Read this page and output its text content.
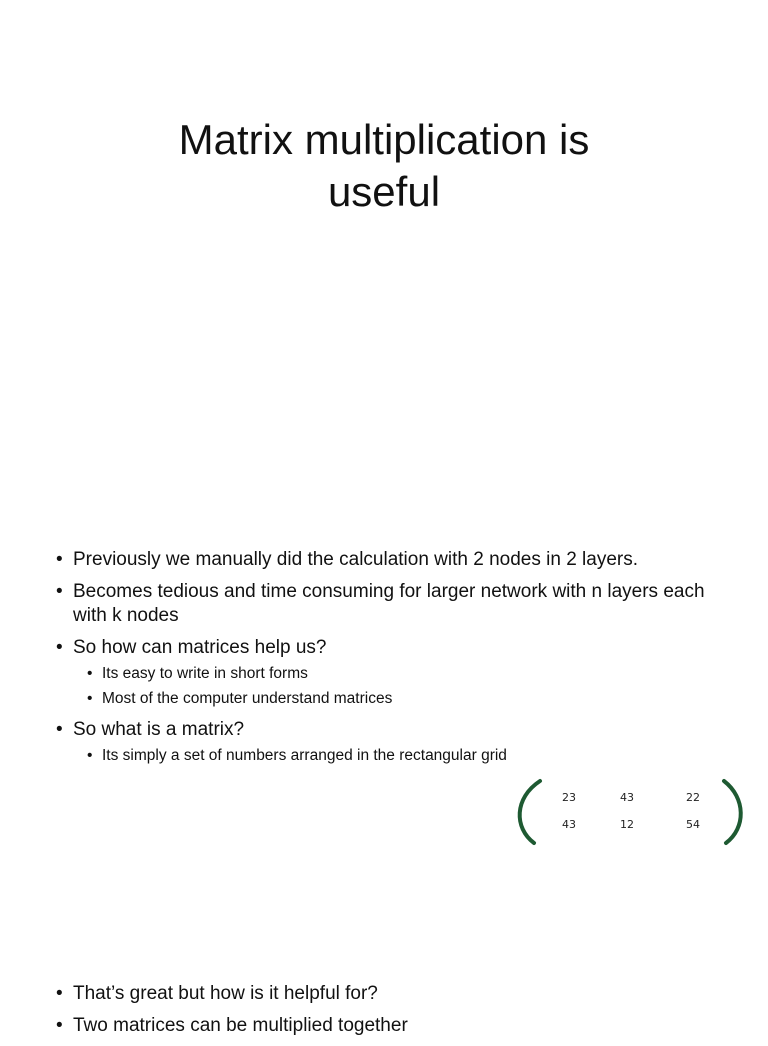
Matrix multiplication is
useful
• Previously we manually did the calculation with 2 nodes in 2 layers.
• Becomes tedious and time consuming for larger network with n layers each with k nodes
• So how can matrices help us?
• Its easy to write in short forms
• Most of the computer understand matrices
• So what is a matrix?
• Its simply a set of numbers arranged in the rectangular grid
23	43	22
43	12	54
• That’s great but how is it helpful for?
• Two matrices can be multiplied together
